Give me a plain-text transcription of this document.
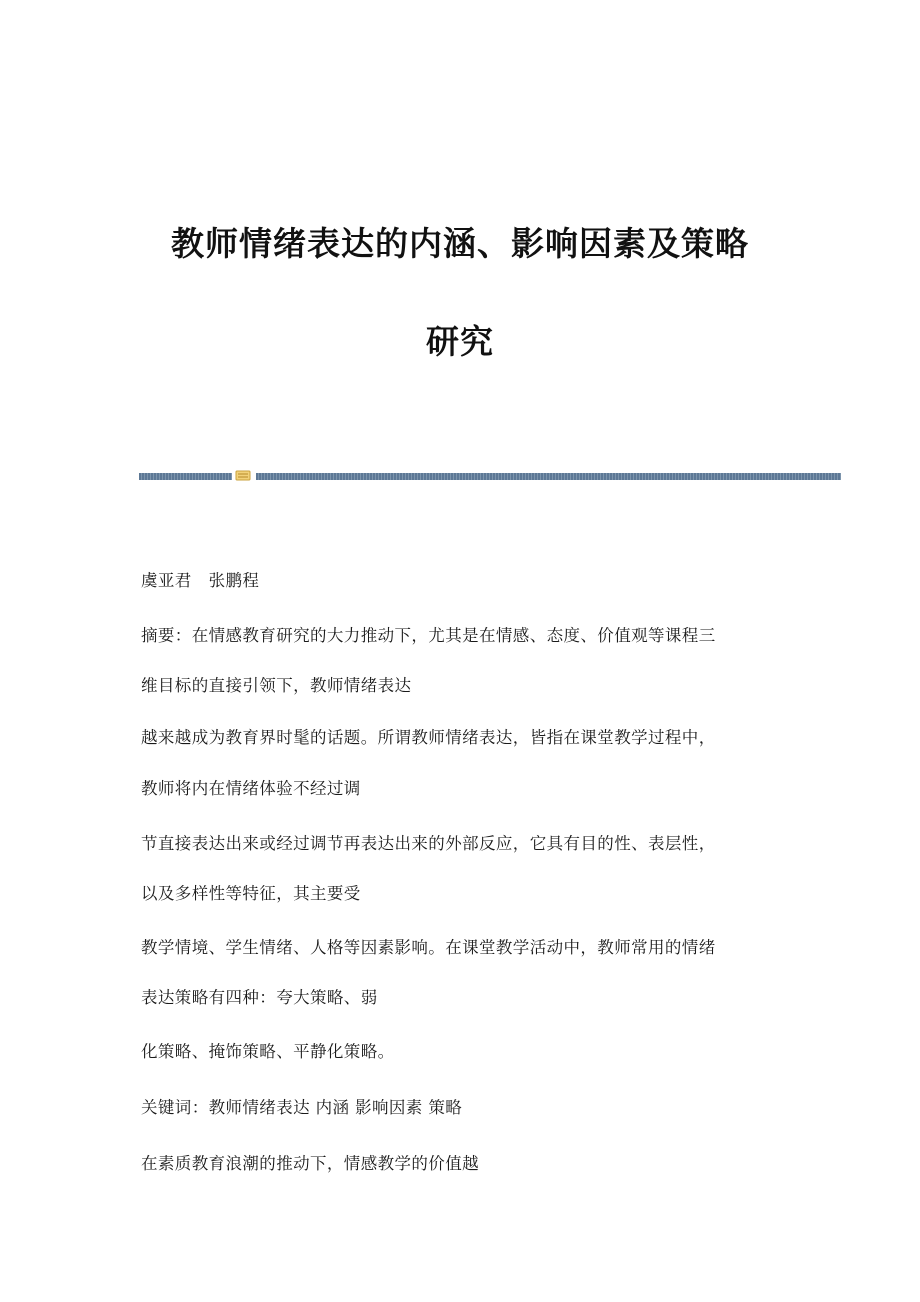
教师情绪表达的内涵、影响因素及策略
研究
虞亚君　张鹏程
摘要：在情感教育研究的大力推动下，尤其是在情感、态度、价值观等课程三
维目标的直接引领下，教师情绪表达
越来越成为教育界时髦的话题。所谓教师情绪表达，皆指在课堂教学过程中，
教师将内在情绪体验不经过调
节直接表达出来或经过调节再表达出来的外部反应，它具有目的性、表层性，
以及多样性等特征，其主要受
教学情境、学生情绪、人格等因素影响。在课堂教学活动中，教师常用的情绪
表达策略有四种：夸大策略、弱
化策略、掩饰策略、平静化策略。
关键词：教师情绪表达 内涵 影响因素 策略
在素质教育浪潮的推动下，情感教学的价值越
